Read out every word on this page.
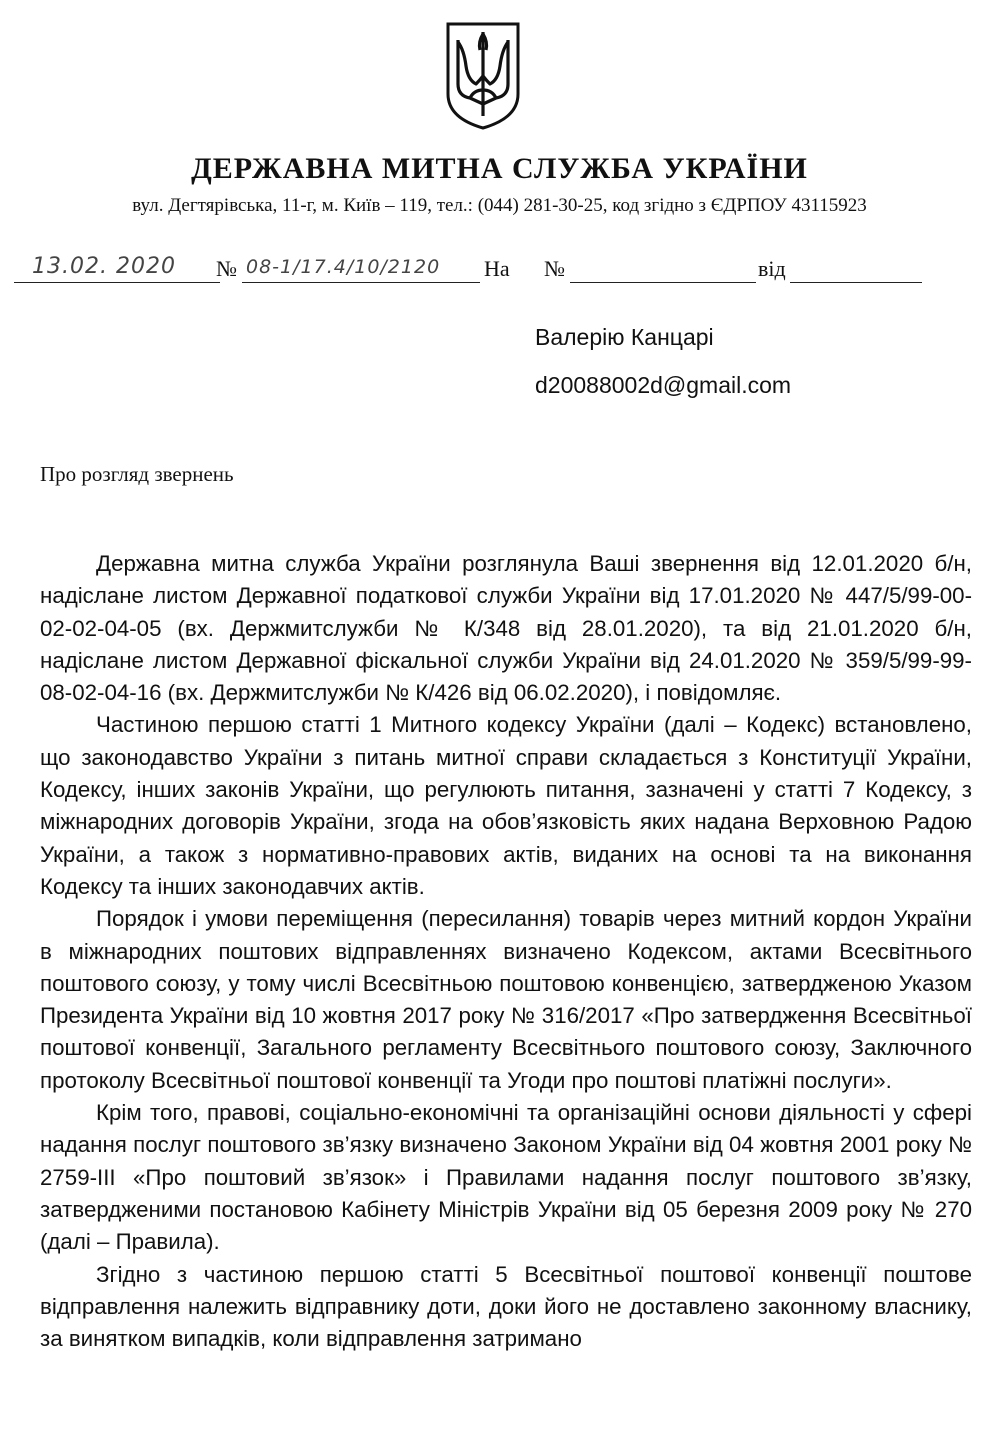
ДЕРЖАВНА МИТНА СЛУЖБА УКРАЇНИ
вул. Дегтярівська, 11-г, м. Київ – 119, тел.: (044) 281-30-25, код згідно з ЄДРПОУ 43115923
13.02. 2020 № 08-1/17.4/10/2120 На №	від
Валерію Канцарі
d20088002d@gmail.com
Про розгляд звернень

Державна митна служба України розглянула Ваші звернення від 12.01.2020 б/н, надіслане листом Державної податкової служби України від 17.01.2020 № 447/5/99-00-02-02-04-05 (вх. Держмитслужби № К/348 від 28.01.2020), та від 21.01.2020 б/н, надіслане листом Державної фіскальної служби України від 24.01.2020 № 359/5/99-99-08-02-04-16 (вх. Держмитслужби № К/426 від 06.02.2020), і повідомляє.

Частиною першою статті 1 Митного кодексу України (далі – Кодекс) встановлено, що законодавство України з питань митної справи складається з Конституції України, Кодексу, інших законів України, що регулюють питання, зазначені у статті 7 Кодексу, з міжнародних договорів України, згода на обов’язковість яких надана Верховною Радою України, а також з нормативно-правових актів, виданих на основі та на виконання Кодексу та інших законодавчих актів.

Порядок і умови переміщення (пересилання) товарів через митний кордон України в міжнародних поштових відправленнях визначено Кодексом, актами Всесвітнього поштового союзу, у тому числі Всесвітньою поштовою конвенцією, затвердженою Указом Президента України від 10 жовтня 2017 року № 316/2017 «Про затвердження Всесвітньої поштової конвенції, Загального регламенту Всесвітнього поштового союзу, Заключного протоколу Всесвітньої поштової конвенції та Угоди про поштові платіжні послуги».

Крім того, правові, соціально-економічні та організаційні основи діяльності у сфері надання послуг поштового зв’язку визначено Законом України від 04 жовтня 2001 року № 2759-ІІІ «Про поштовий зв’язок» і Правилами надання послуг поштового зв’язку, затвердженими постановою Кабінету Міністрів України від 05 березня 2009 року № 270 (далі – Правила).

Згідно з частиною першою статті 5 Всесвітньої поштової конвенції поштове відправлення належить відправнику доти, доки його не доставлено законному власнику, за винятком випадків, коли відправлення затримано
